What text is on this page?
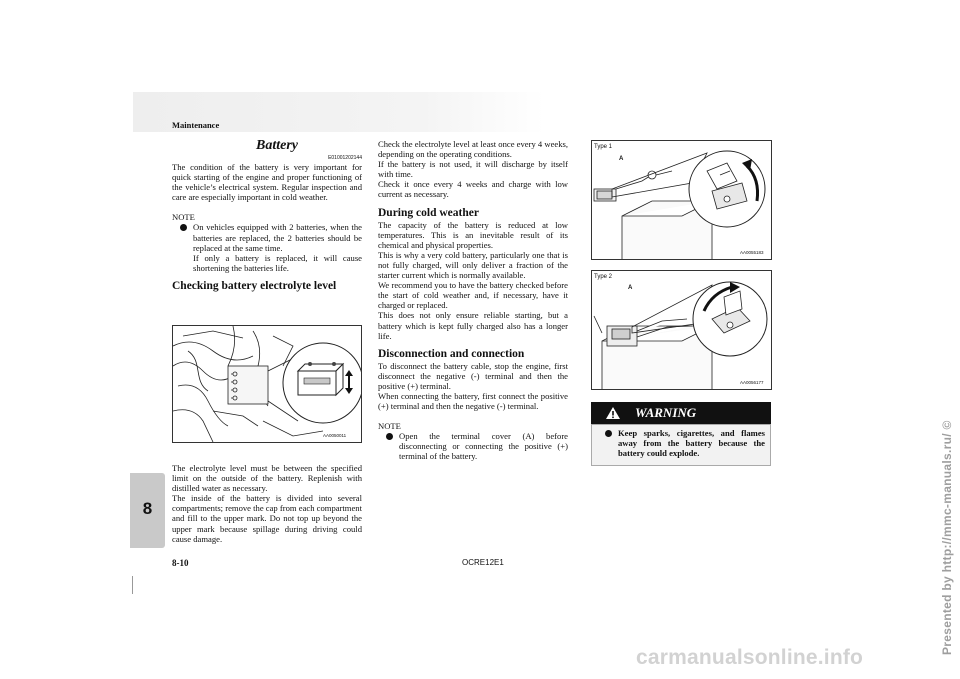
Maintenance
8
8-10	OCRE12E1
Battery
E01001202144

The condition of the battery is very important for quick starting of the engine and proper functioning of the vehicle’s electrical system. Regular inspection and care are especially important in cold weather.

NOTE

On vehicles equipped with 2 batteries, when the batteries are replaced, the 2 batteries should be replaced at the same time.

If only a battery is replaced, it will cause shortening the batteries life.

Checking battery electrolyte level

AA0050011

The electrolyte level must be between the specified limit on the outside of the battery. Replenish with distilled water as necessary.

The inside of the battery is divided into several compartments; remove the cap from each compartment and fill to the upper mark. Do not top up beyond the upper mark because spillage during driving could cause damage.

Check the electrolyte level at least once every 4 weeks, depending on the operating conditions.

If the battery is not used, it will discharge by itself with time.

Check it once every 4 weeks and charge with low current as necessary.

During cold weather

The capacity of the battery is reduced at low temperatures. This is an inevitable result of its chemical and physical properties.

This is why a very cold battery, particularly one that is not fully charged, will only deliver a fraction of the starter current which is normally available.

We recommend you to have the battery checked before the start of cold weather and, if necessary, have it charged or replaced.

This does not only ensure reliable starting, but a battery which is kept fully charged also has a longer life.

Disconnection and connection

To disconnect the battery cable, stop the engine, first disconnect the negative (-) terminal and then the positive (+) terminal.

When connecting the battery, first connect the positive (+) terminal and then the negative (-) terminal.

NOTE

Open the terminal cover (A) before disconnecting or connecting the positive (+) terminal of the battery.

Type 1
A
AA0055183
Type 2
A
AA0056177
WARNING

Keep sparks, cigarettes, and flames away from the battery because the battery could explode.	Presented by http://mmc-manuals.ru/ ©
carmanualsonline.info
